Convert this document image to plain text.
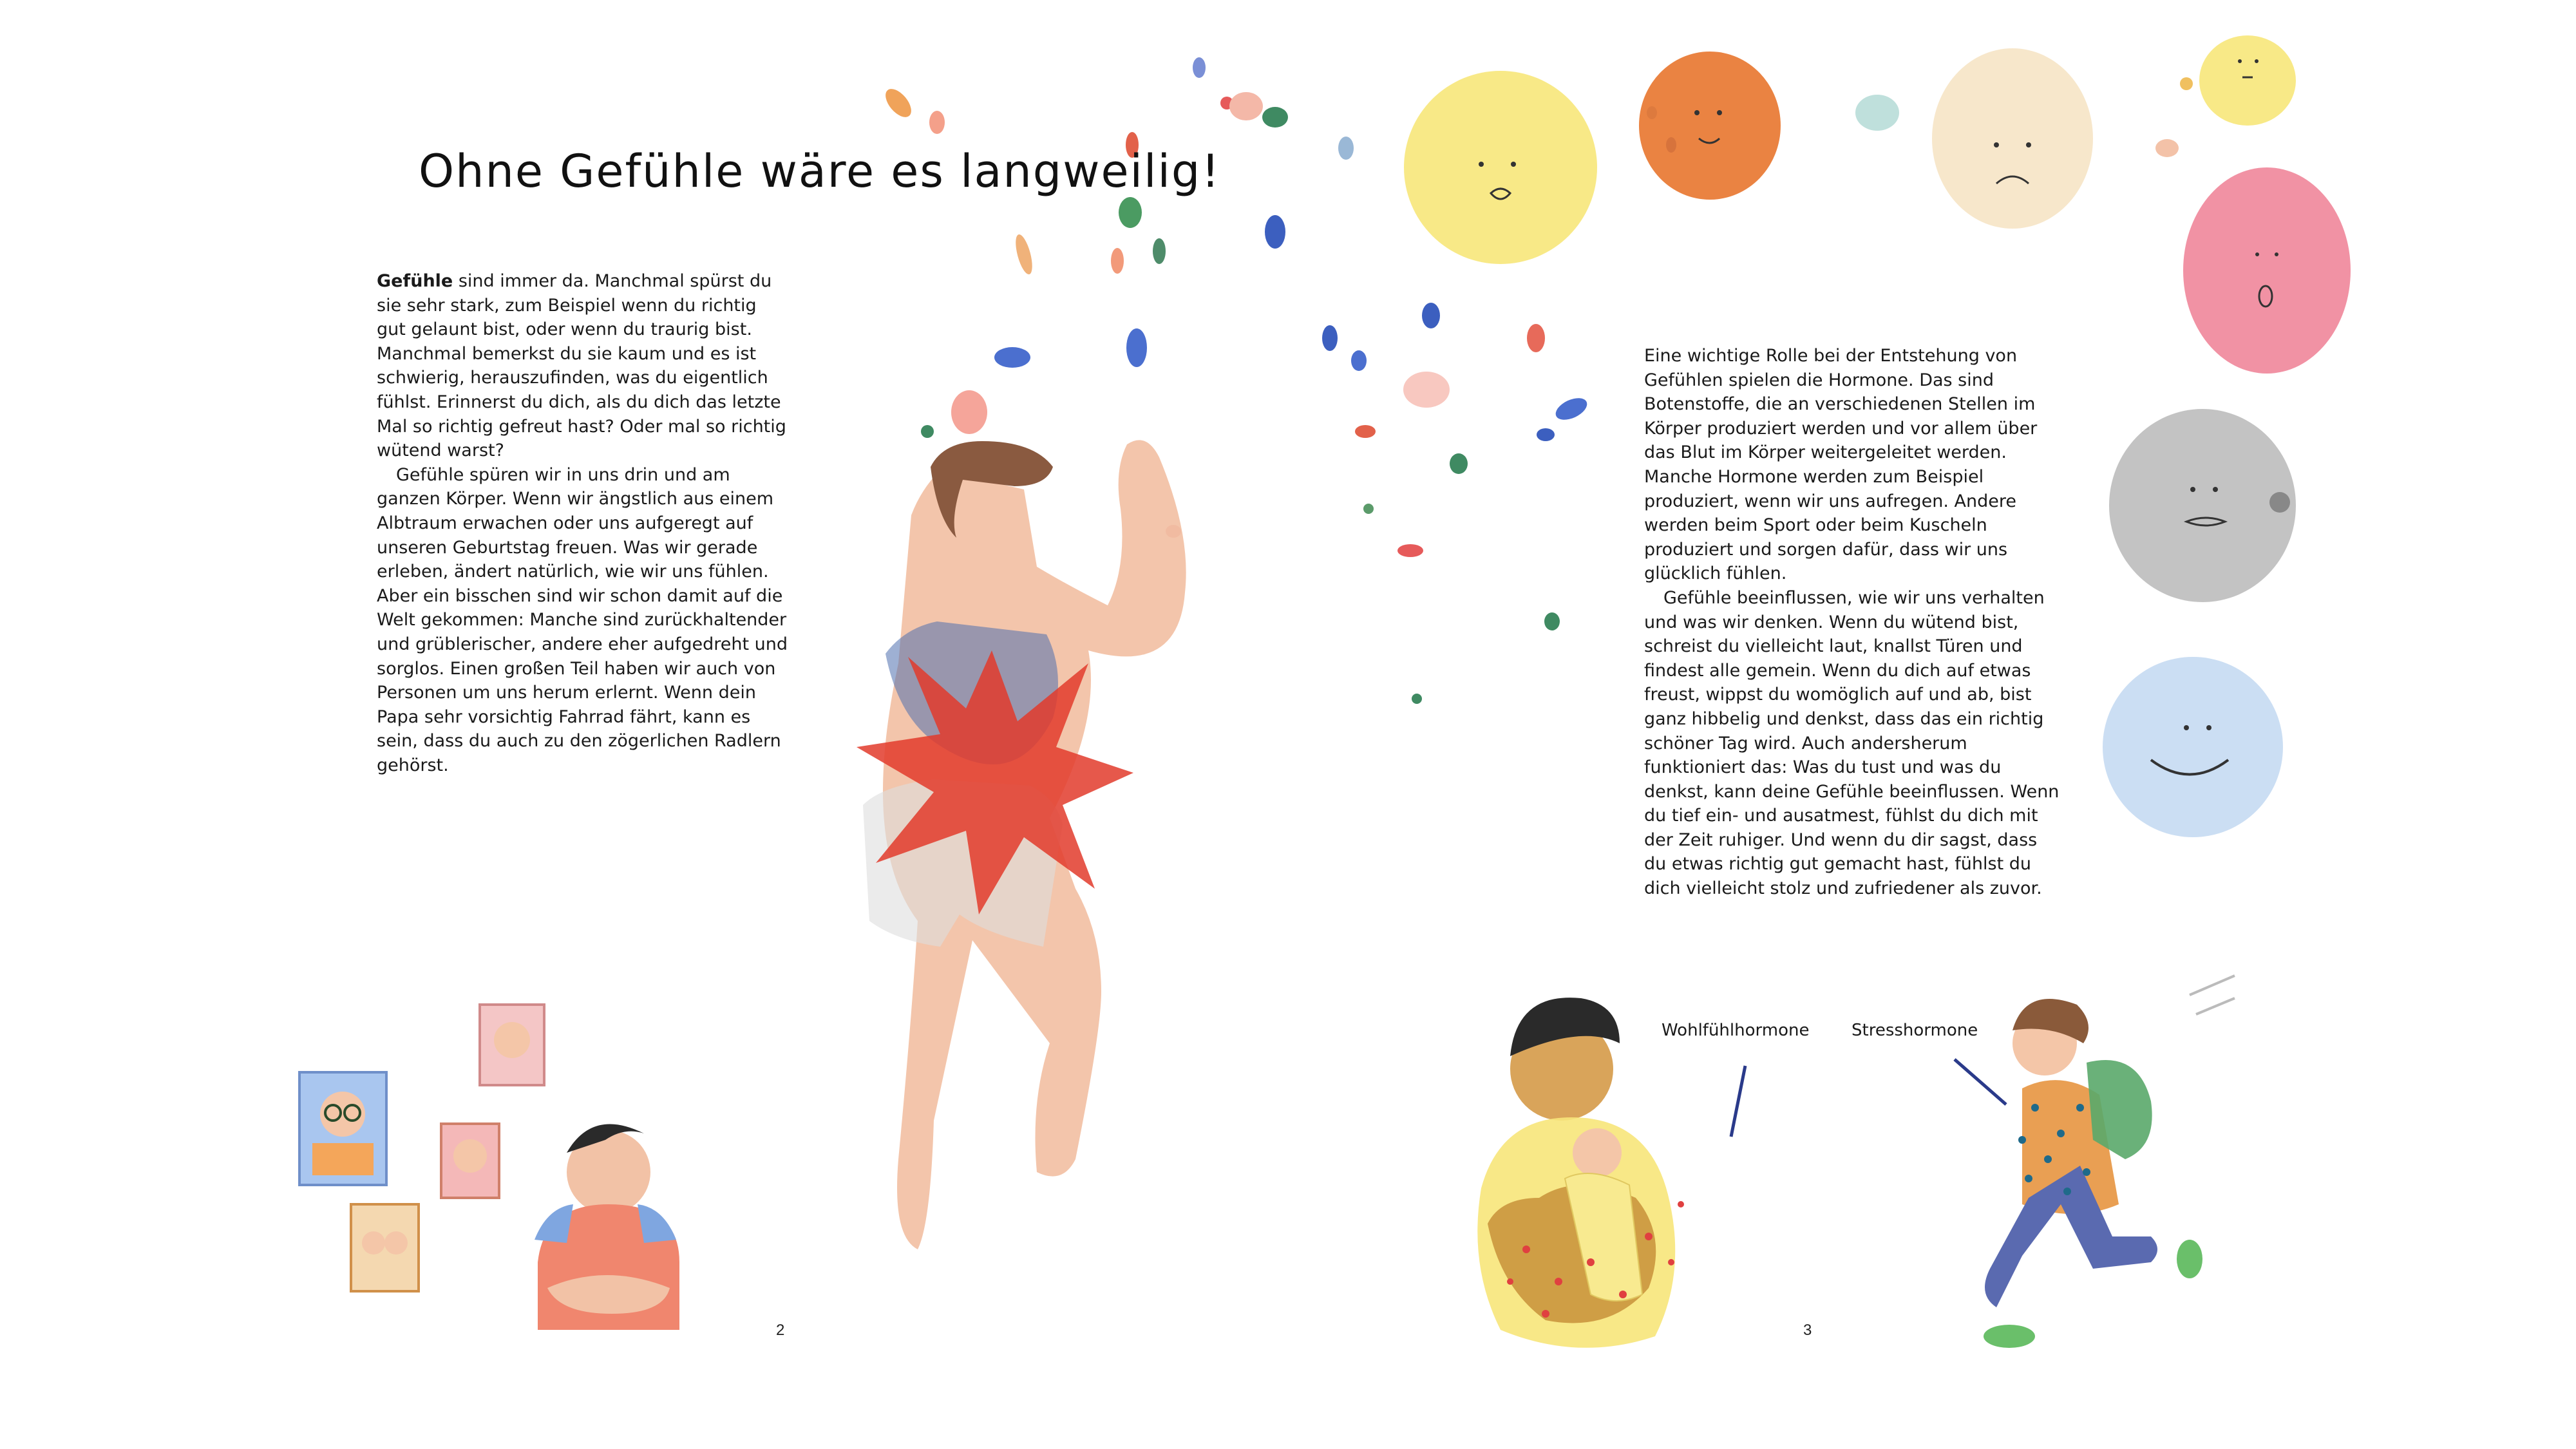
Ohne Gefühle wäre es langweilig!

Gefühle sind immer da. Manchmal spürst du sie sehr stark, zum Beispiel wenn du richtig gut gelaunt bist, oder wenn du traurig bist. Manchmal bemerkst du sie kaum und es ist schwierig, herauszufinden, was du eigentlich fühlst. Erinnerst du dich, als du dich das letzte Mal so richtig gefreut hast? Oder mal so richtig wütend warst?

Gefühle spüren wir in uns drin und am ganzen Körper. Wenn wir ängstlich aus einem Albtraum erwachen oder uns aufgeregt auf unseren Geburtstag freuen. Was wir gerade erleben, ändert natürlich, wie wir uns fühlen. Aber ein bisschen sind wir schon damit auf die Welt gekommen: Manche sind zurückhaltender und grüblerischer, andere eher aufgedreht und sorglos. Einen großen Teil haben wir auch von Personen um uns herum erlernt. Wenn dein Papa sehr vorsichtig Fahrrad fährt, kann es sein, dass du auch zu den zögerlichen Radlern gehörst.

Eine wichtige Rolle bei der Entstehung von Gefühlen spielen die Hormone. Das sind Botenstoffe, die an verschiedenen Stellen im Körper produziert werden und vor allem über das Blut im Körper weitergeleitet werden. Manche Hormone werden zum Beispiel produziert, wenn wir uns aufregen. Andere werden beim Sport oder beim Kuscheln produziert und sorgen dafür, dass wir uns glücklich fühlen.

Gefühle beeinflussen, wie wir uns verhalten und was wir denken. Wenn du wütend bist, schreist du vielleicht laut, knallst Türen und findest alle gemein. Wenn du dich auf etwas freust, wippst du womöglich auf und ab, bist ganz hibbelig und denkst, dass das ein richtig schöner Tag wird. Auch andersherum funktioniert das: Was du tust und was du denkst, kann deine Gefühle beeinflussen. Wenn du tief ein- und ausatmest, fühlst du dich mit der Zeit ruhiger. Und wenn du dir sagst, dass du etwas richtig gut gemacht hast, fühlst du dich vielleicht stolz und zufriedener als zuvor.

Wohlfühlhormone	Stresshormone
2	3
